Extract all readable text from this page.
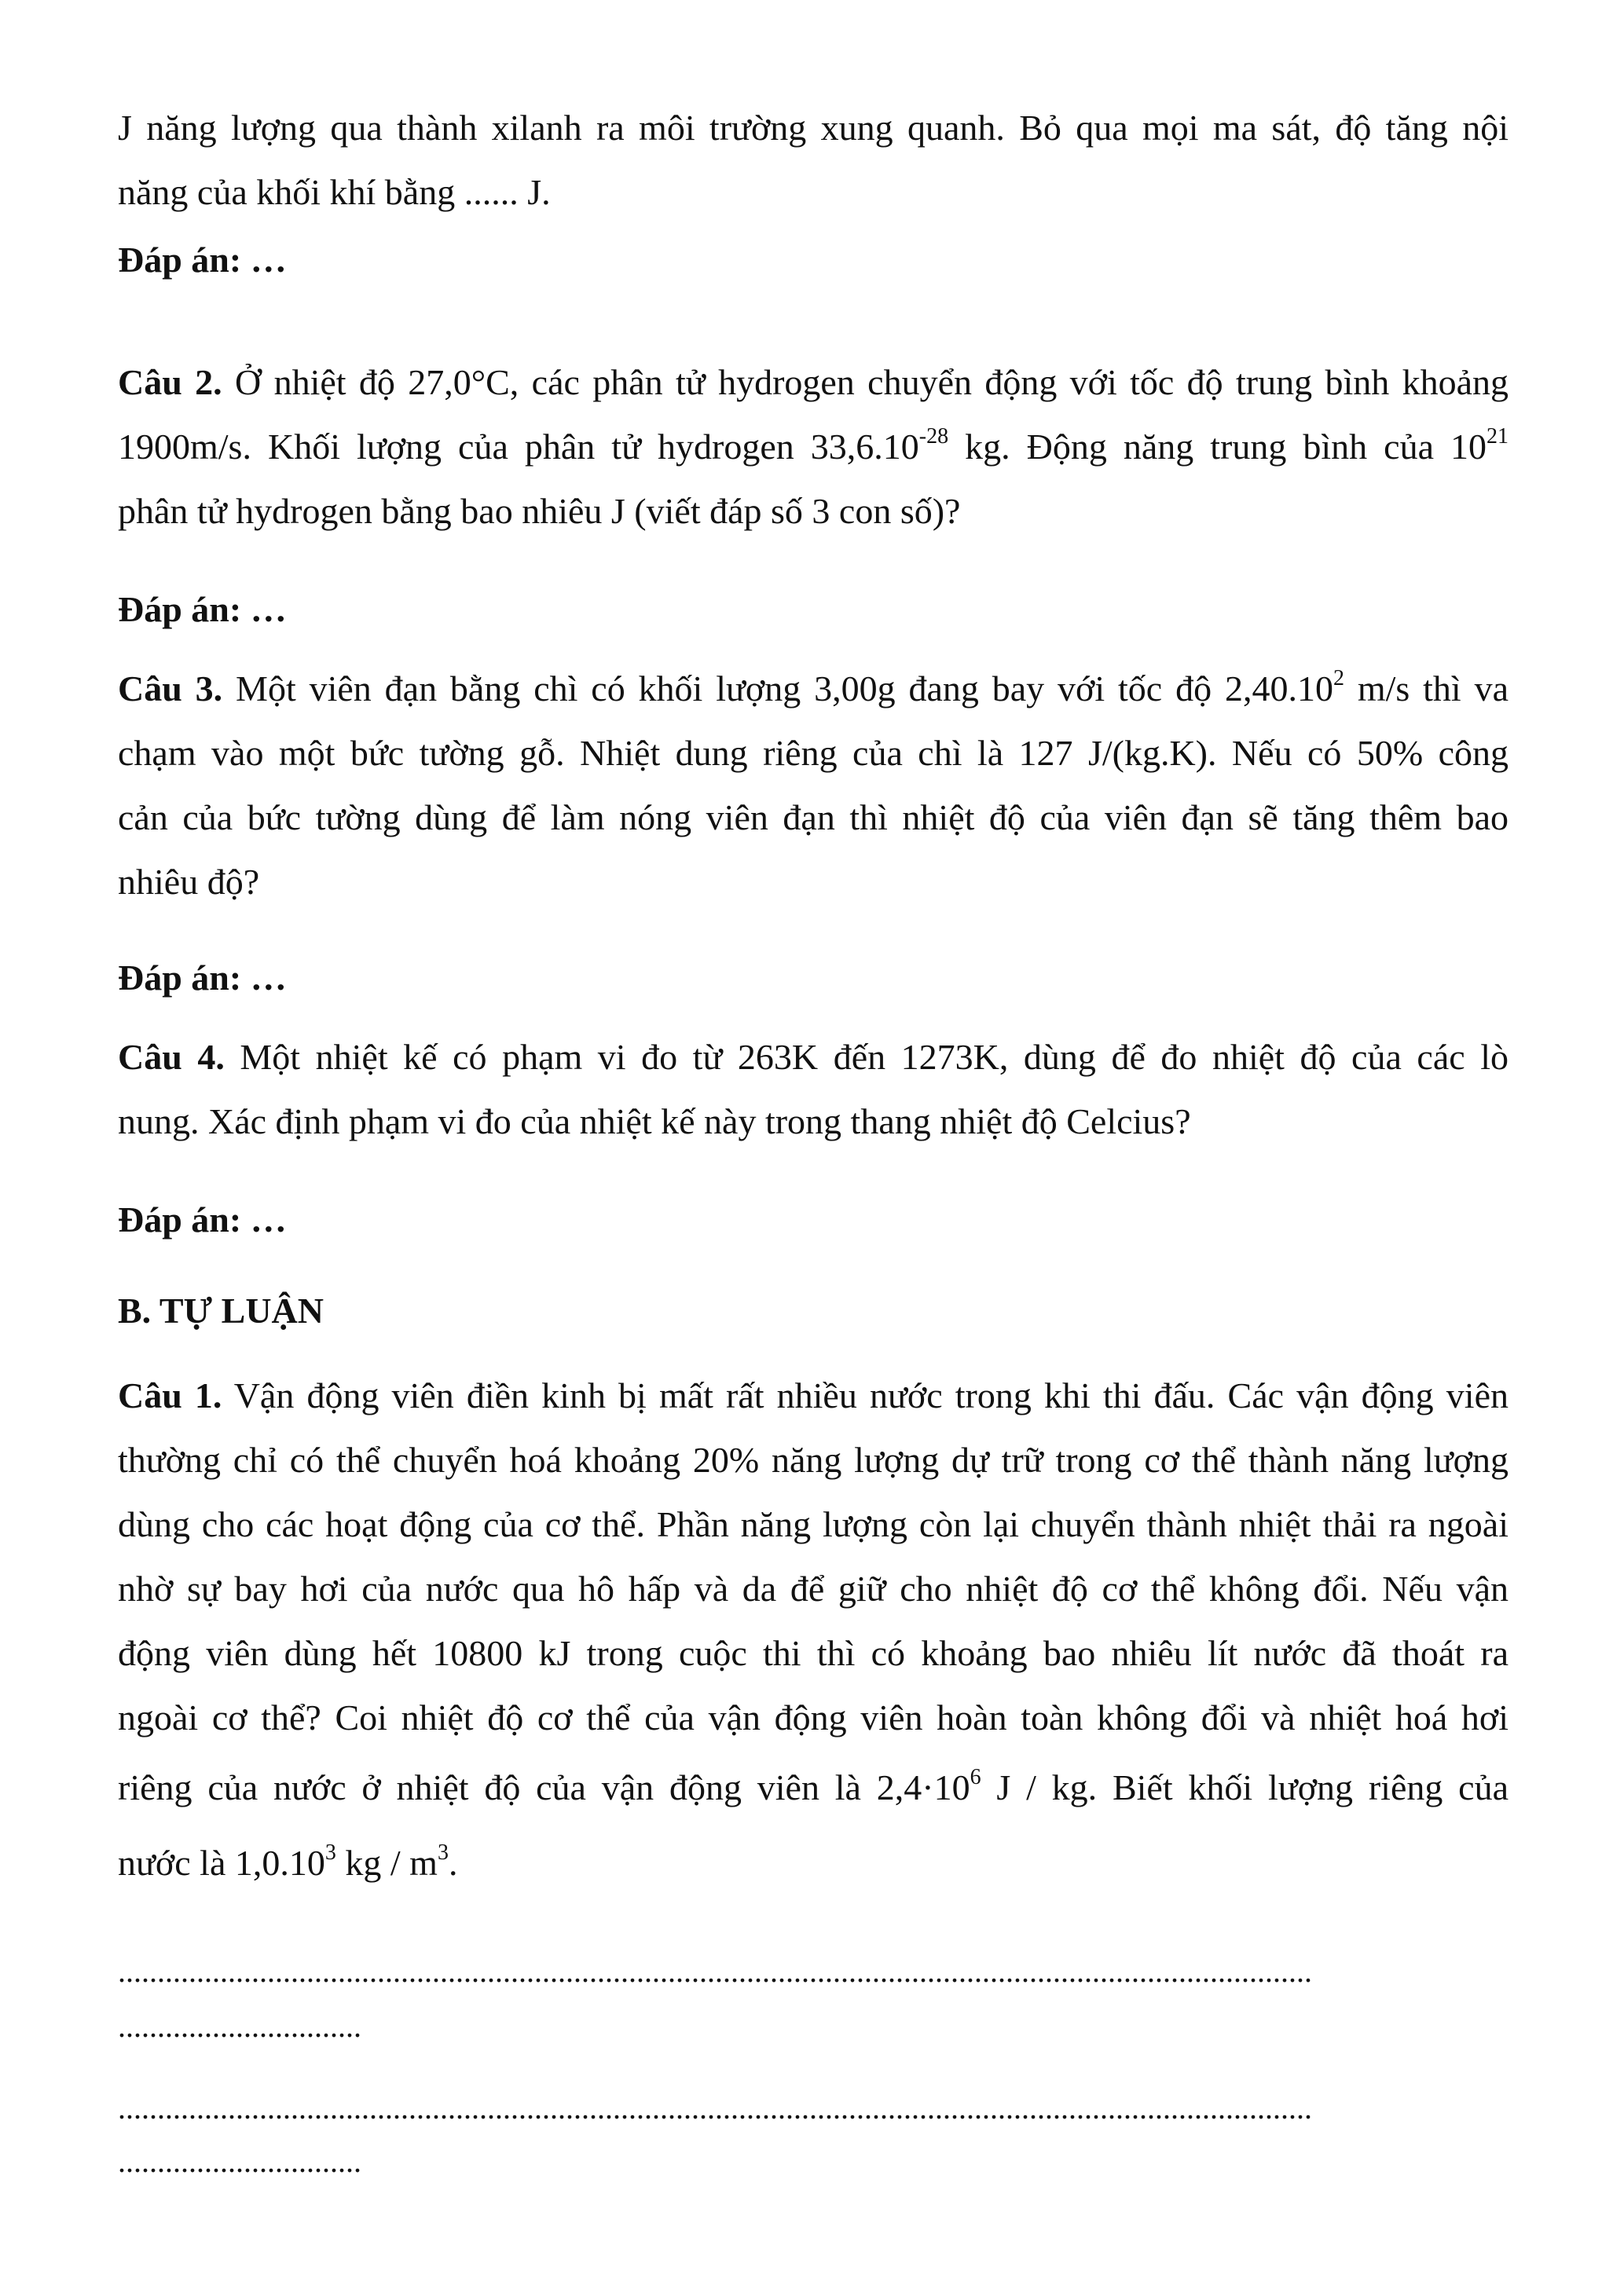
J năng lượng qua thành xilanh ra môi trường xung quanh. Bỏ qua mọi ma sát, độ tăng nội
năng của khối khí bằng ...... J.

Đáp án: …

Câu 2. Ở nhiệt độ 27,0°C, các phân tử hydrogen chuyển động với tốc độ trung bình khoảng
1900m/s. Khối lượng của phân tử hydrogen $33,6.10^{-28}$ kg. Động năng trung bình của $10^{21}$
phân tử hydrogen bằng bao nhiêu J (viết đáp số 3 con số)?

Đáp án: …

Câu 3. Một viên đạn bằng chì có khối lượng 3,00g đang bay với tốc độ 2,40.10$^2$ m/s thì va
chạm vào một bức tường gỗ. Nhiệt dung riêng của chì là 127 J/(kg.K). Nếu có 50% công
cản của bức tường dùng để làm nóng viên đạn thì nhiệt độ của viên đạn sẽ tăng thêm bao
nhiêu độ?

Đáp án: …

Câu 4. Một nhiệt kế có phạm vi đo từ 263K đến 1273K, dùng để đo nhiệt độ của các lò
nung. Xác định phạm vi đo của nhiệt kế này trong thang nhiệt độ Celcius?

Đáp án: …

B. TỰ LUẬN

Câu 1. Vận động viên điền kinh bị mất rất nhiều nước trong khi thi đấu. Các vận động viên
thường chỉ có thể chuyển hoá khoảng 20% năng lượng dự trữ trong cơ thể thành năng lượng
dùng cho các hoạt động của cơ thể. Phần năng lượng còn lại chuyển thành nhiệt thải ra ngoài
nhờ sự bay hơi của nước qua hô hấp và da để giữ cho nhiệt độ cơ thể không đổi. Nếu vận
động viên dùng hết 10800 kJ trong cuộc thi thì có khoảng bao nhiêu lít nước đã thoát ra
ngoài cơ thể? Coi nhiệt độ cơ thể của vận động viên hoàn toàn không đổi và nhiệt hoá hơi
riêng của nước ở nhiệt độ của vận động viên là $2,4\cdot 10^6$ J / kg. Biết khối lượng riêng của
nước là 1,0.10$^3$ kg / $m^3$.

........................................................................................................................................................
...............................
........................................................................................................................................................
...............................
